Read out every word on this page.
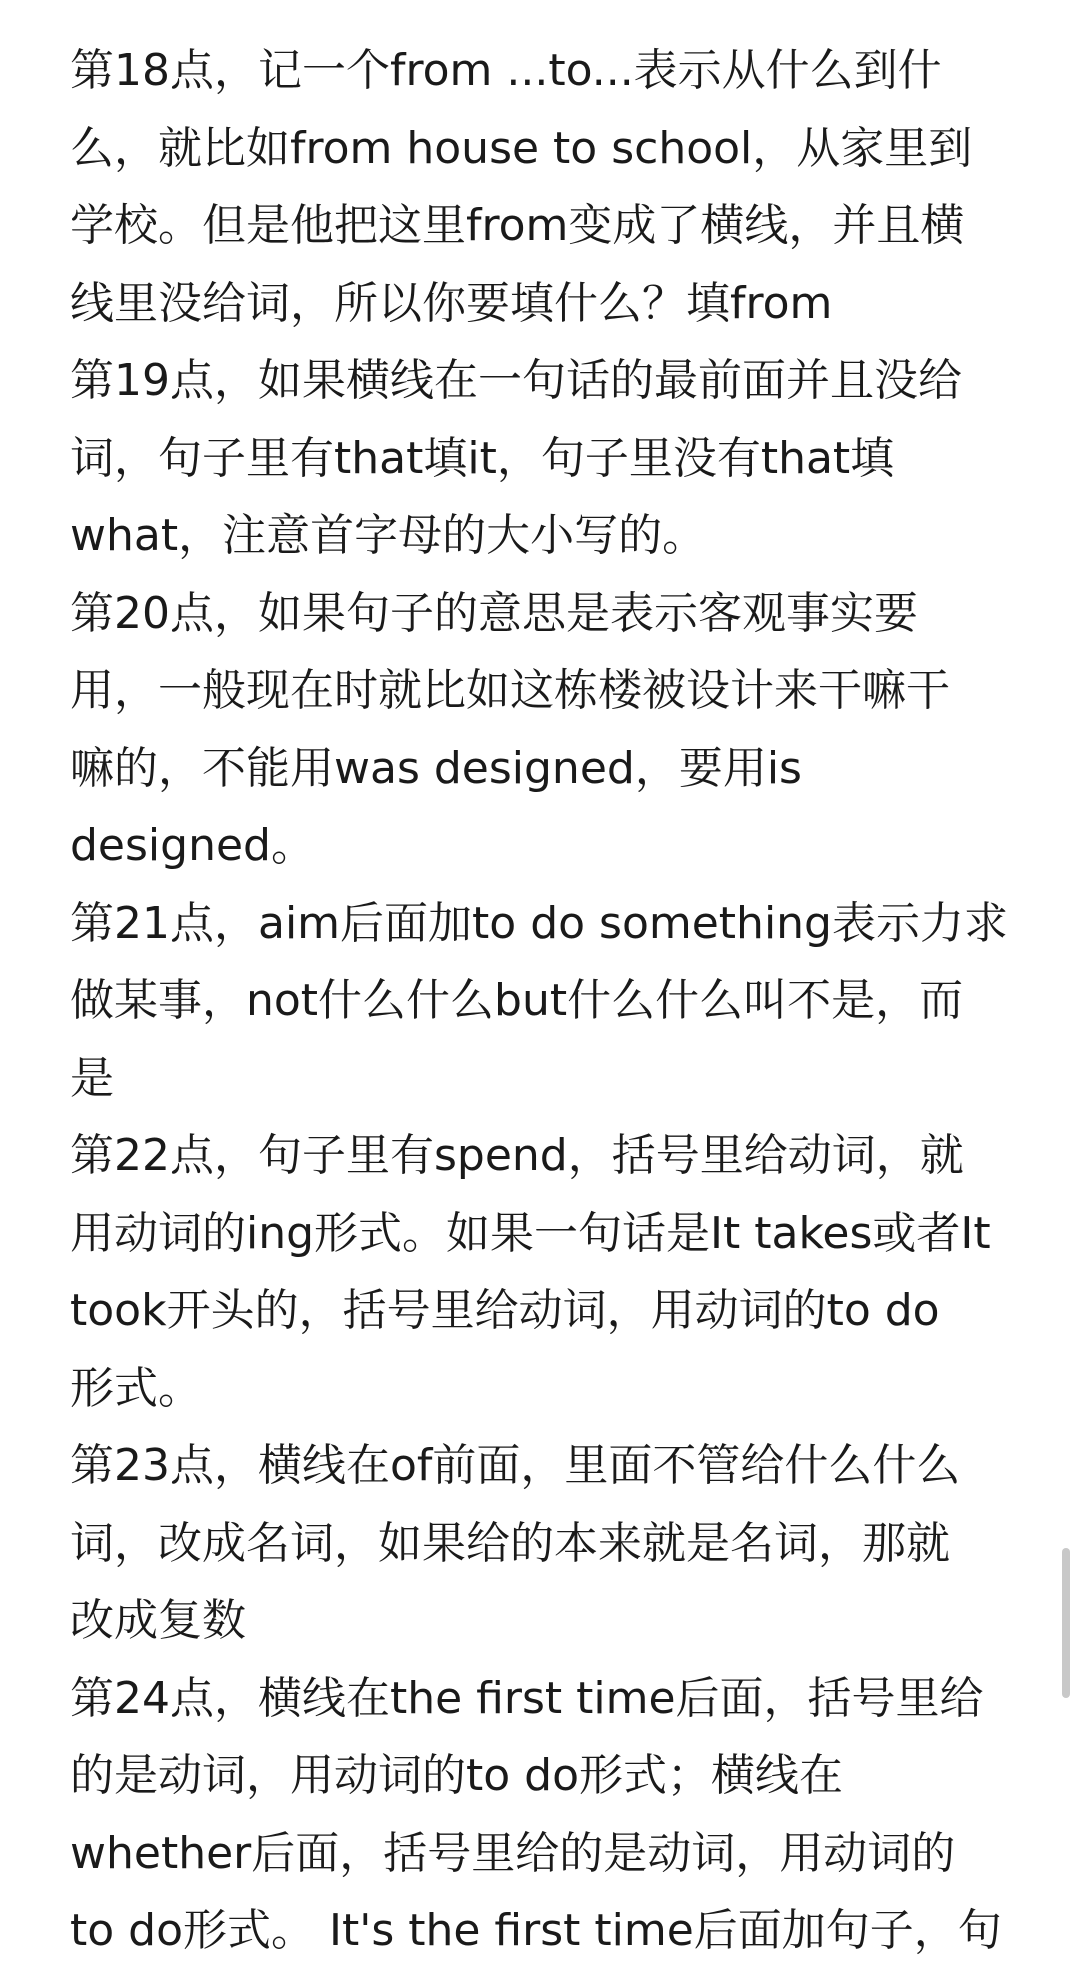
第18点，记一个from ...to...表示从什么到什

么，就比如from house to school，从家里到

学校。但是他把这里from变成了横线，并且横

线里没给词，所以你要填什么？填from

第19点，如果横线在一句话的最前面并且没给

词，句子里有that填it，句子里没有that填

what，注意首字母的大小写的。

第20点，如果句子的意思是表示客观事实要

用，一般现在时就比如这栋楼被设计来干嘛干

嘛的，不能用was designed，要用is

designed。

第21点，aim后面加to do something表示力求

做某事，not什么什么but什么什么叫不是，而

是

第22点，句子里有spend，括号里给动词，就

用动词的ing形式。如果一句话是It takes或者It

took开头的，括号里给动词，用动词的to do

形式。

第23点，横线在of前面，里面不管给什么什么

词，改成名词，如果给的本来就是名词，那就

改成复数

第24点，横线在the first time后面，括号里给

的是动词，用动词的to do形式；横线在

whether后面，括号里给的是动词，用动词的

to do形式。 It's the first time后面加句子，句
